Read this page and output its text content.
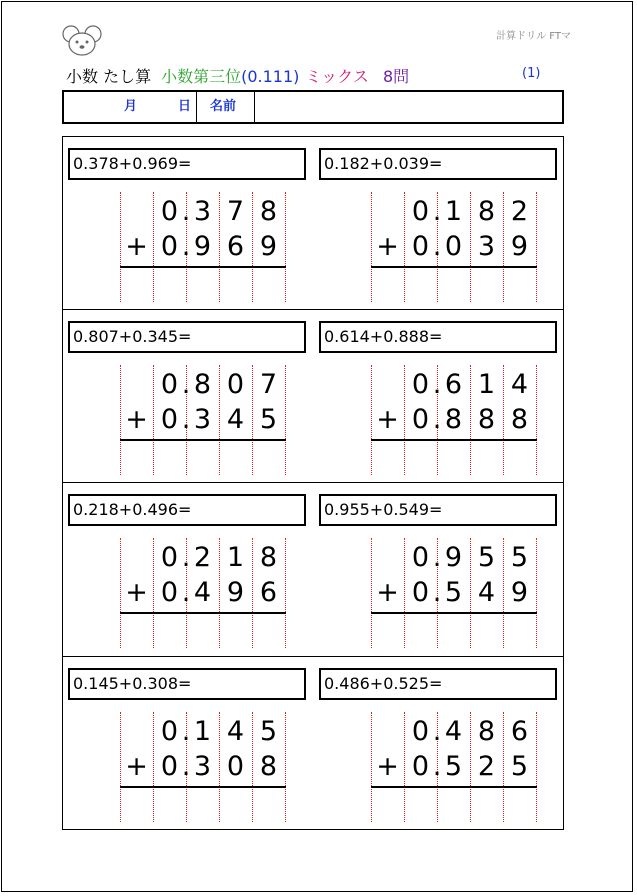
計算ドリル FTマ
小数 たし算 小数第三位(0.111) ミックス 8問	(1)
月	日 名前
0.378+0.969=
0 . 3 7 8
+ 0 . 9 6 9
0.182+0.039=
0 . 1 8 2
+ 0 . 0 3 9
0.807+0.345=
0 . 8 0 7
+ 0 . 3 4 5
0.614+0.888=
0 . 6 1 4
+ 0 . 8 8 8
0.218+0.496=
0 . 2 1 8
+ 0 . 4 9 6
0.955+0.549=
0 . 9 5 5
+ 0 . 5 4 9
0.145+0.308=
0 . 1 4 5
+ 0 . 3 0 8
0.486+0.525=
0 . 4 8 6
+ 0 . 5 2 5
